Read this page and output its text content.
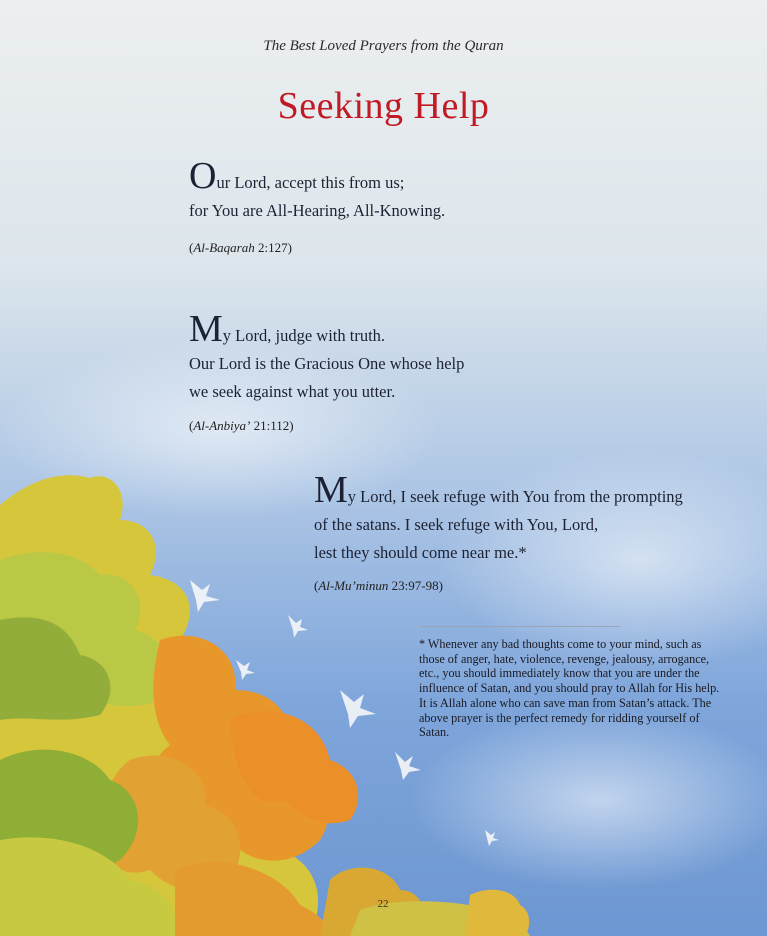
The Best Loved Prayers from the Quran
Seeking Help
Our Lord, accept this from us;
for You are All-Hearing, All-Knowing.
(Al-Baqarah 2:127)
My Lord, judge with truth.
Our Lord is the Gracious One whose help
we seek against what you utter.
(Al-Anbiya’ 21:112)
My Lord, I seek refuge with You from the prompting
of the satans. I seek refuge with You, Lord,
lest they should come near me.*
(Al-Mu’minun 23:97-98)
* Whenever any bad thoughts come to your mind, such as those of anger, hate, violence, revenge, jealousy, arrogance, etc., you should immediately know that you are under the influence of Satan, and you should pray to Allah for His help. It is Allah alone who can save man from Satan’s attack. The above prayer is the perfect remedy for ridding yourself of Satan.
22
